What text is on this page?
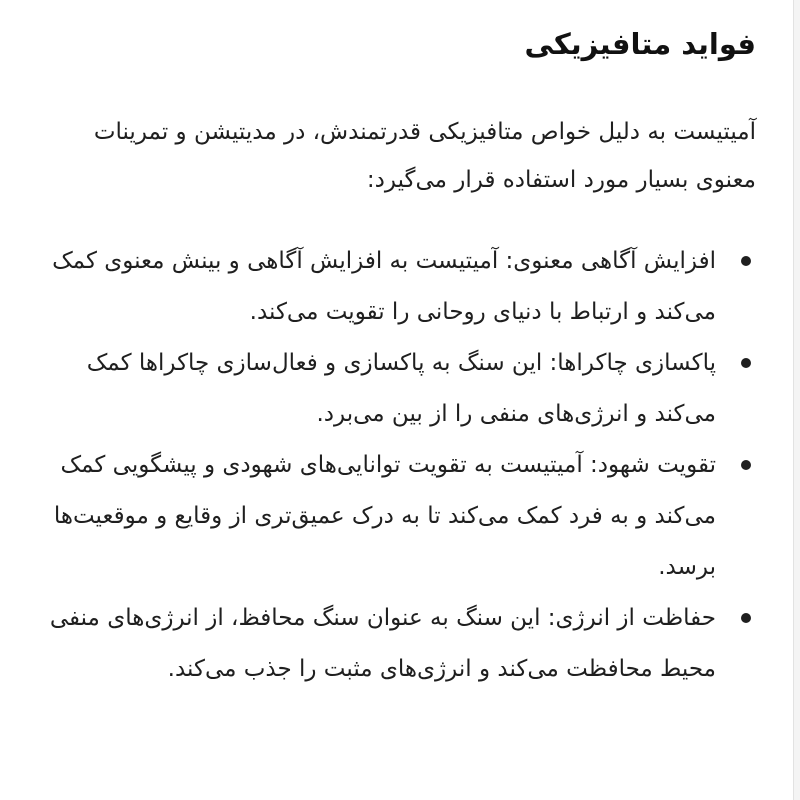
فواید متافیزیکی

آمیتیست به دلیل خواص متافیزیکی قدرتمندش، در مدیتیشن و تمرینات معنوی بسیار مورد استفاده قرار می‌گیرد:

افزایش آگاهی معنوی: آمیتیست به افزایش آگاهی و بینش معنوی کمک می‌کند و ارتباط با دنیای روحانی را تقویت می‌کند.
پاکسازی چاکراها: این سنگ به پاکسازی و فعال‌سازی چاکراها کمک می‌کند و انرژی‌های منفی را از بین می‌برد.
تقویت شهود: آمیتیست به تقویت توانایی‌های شهودی و پیشگویی کمک می‌کند و به فرد کمک می‌کند تا به درک عمیق‌تری از وقایع و موقعیت‌ها برسد.
حفاظت از انرژی: این سنگ به عنوان سنگ محافظ، از انرژی‌های منفی محیط محافظت می‌کند و انرژی‌های مثبت را جذب می‌کند.
